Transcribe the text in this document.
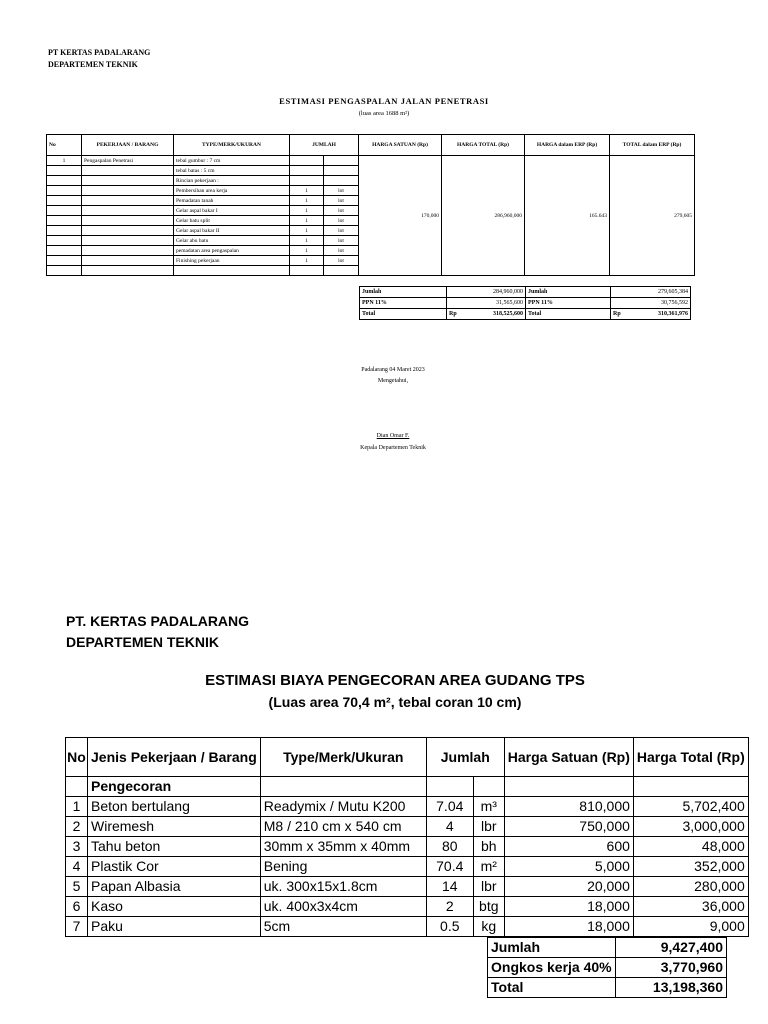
PT KERTAS PADALARANG
DEPARTEMEN TEKNIK
ESTIMASI PENGASPALAN JALAN PENETRASI
(luas area 1688 m²)
No	PEKERJAAN / BARANG	TYPE/MERK/UKURAN	JUMLAH		HARGA SATUAN (Rp)	HARGA TOTAL (Rp)	HARGA dalam ERP (Rp)	TOTAL dalam ERP (Rp)
1	Pengaspalan Penetrasi	tebal gumbur : 7 cm			170,000	286,960,000	165.643	279,605
		tebal batas : 5 cm						
		Rincian pekerjaan :						
		Pembersihan area kerja	1	lot				
		Pemadatan tanah	1	lot				
		Gelar aspal bakar I	1	lot				
		Gelar batu split	1	lot				
		Gelar aspal bakar II	1	lot				
		Gelar abu batu	1	lot				
		pemadatan area pengaspalan	1	lot				
		Finishing pekerjaan	1	lot				

Jumlah	284,960,000	Jumlah	279,605,384
PPN 11%	31,565,600	PPN 11%	30,756,592
Total	Rp 318,525,600	Total	Rp 310,361,976
Padalarang 04 Maret 2023
Mengetahui,
Dian Omar F.
Kepala Departemen Teknik
PT. KERTAS PADALARANG
DEPARTEMEN TEKNIK
ESTIMASI BIAYA PENGECORAN AREA GUDANG TPS
(Luas area 70,4 m², tebal coran 10 cm)
No	Jenis Pekerjaan / Barang	Type/Merk/Ukuran	Jumlah		Harga Satuan (Rp)	Harga Total (Rp)
	Pengecoran					
1	Beton bertulang	Readymix / Mutu K200	7.04	m³	810,000	5,702,400
2	Wiremesh	M8 / 210 cm x 540 cm	4	lbr	750,000	3,000,000
3	Tahu beton	30mm x 35mm x 40mm	80	bh	600	48,000
4	Plastik Cor	Bening	70.4	m²	5,000	352,000
5	Papan Albasia	uk. 300x15x1.8cm	14	lbr	20,000	280,000
6	Kaso	uk. 400x3x4cm	2	btg	18,000	36,000
7	Paku	5cm	0.5	kg	18,000	9,000
Jumlah	9,427,400
Ongkos kerja 40%	3,770,960
Total	13,198,360
